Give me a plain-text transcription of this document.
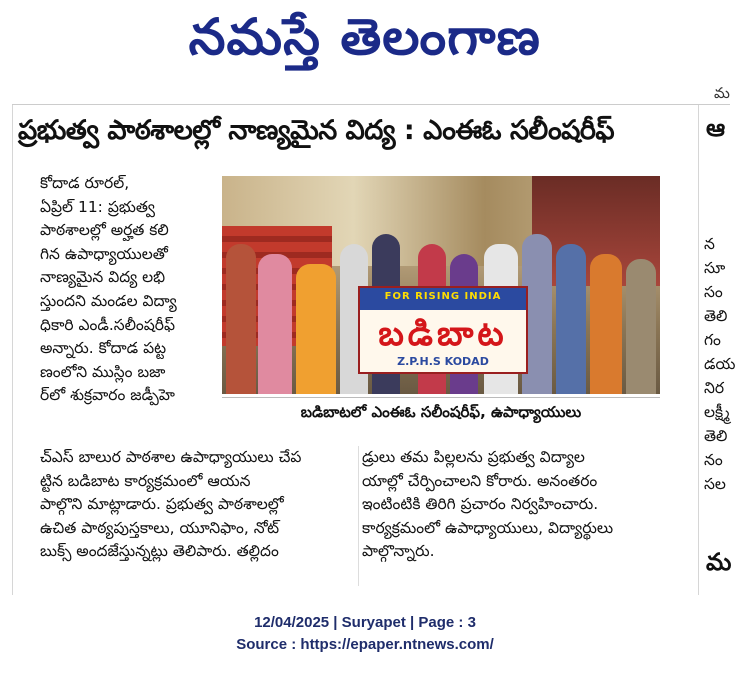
నమస్తే తెలంగాణ
ప్రభుత్వ పాఠశాలల్లో నాణ్యమైన విద్య : ఎంఈఓ సలీంషరీఫ్
కోదాడ రూరల్,
ఏప్రిల్ 11: ప్రభుత్వ
పాఠశాలల్లో అర్హత కలి
గిన ఉపాధ్యాయులతో
నాణ్యమైన విద్య లభి
స్తుందని మండల విద్యా
ధికారి ఎండీ.సలీంషరీఫ్
అన్నారు. కోదాడ పట్ట
ణంలోని ముస్లిం బజా
ర్‌లో శుక్రవారం జడ్పీహె
FOR RISING INDIA
బడిబాట
Z.P.H.S KODAD
బడిబాటలో ఎంఈఓ సలీంషరీఫ్, ఉపాధ్యాయులు
చ్‌ఎస్ బాలుర పాఠశాల ఉపాధ్యాయులు చేప
ట్టిన బడిబాట కార్యక్రమంలో ఆయన
పాల్గొని మాట్లాడారు. ప్రభుత్వ పాఠశాలల్లో
ఉచిత పాఠ్యపుస్తకాలు, యూనిఫాం, నోట్
బుక్స్ అందజేస్తున్నట్లు తెలిపారు. తల్లిదం
డ్రులు తమ పిల్లలను ప్రభుత్వ విద్యాల
యాల్లో చేర్పించాలని కోరారు. అనంతరం
ఇంటింటికి తిరిగి ప్రచారం నిర్వహించారు.
కార్యక్రమంలో ఉపాధ్యాయులు, విద్యార్థులు
పాల్గొన్నారు.
మ
ఆ
న
సూ
సం
తెలి
గం
డయ
నిర
లక్ష్మీ
తెలి
నం
సల
మ
12/04/2025 | Suryapet | Page : 3
Source : https://epaper.ntnews.com/
